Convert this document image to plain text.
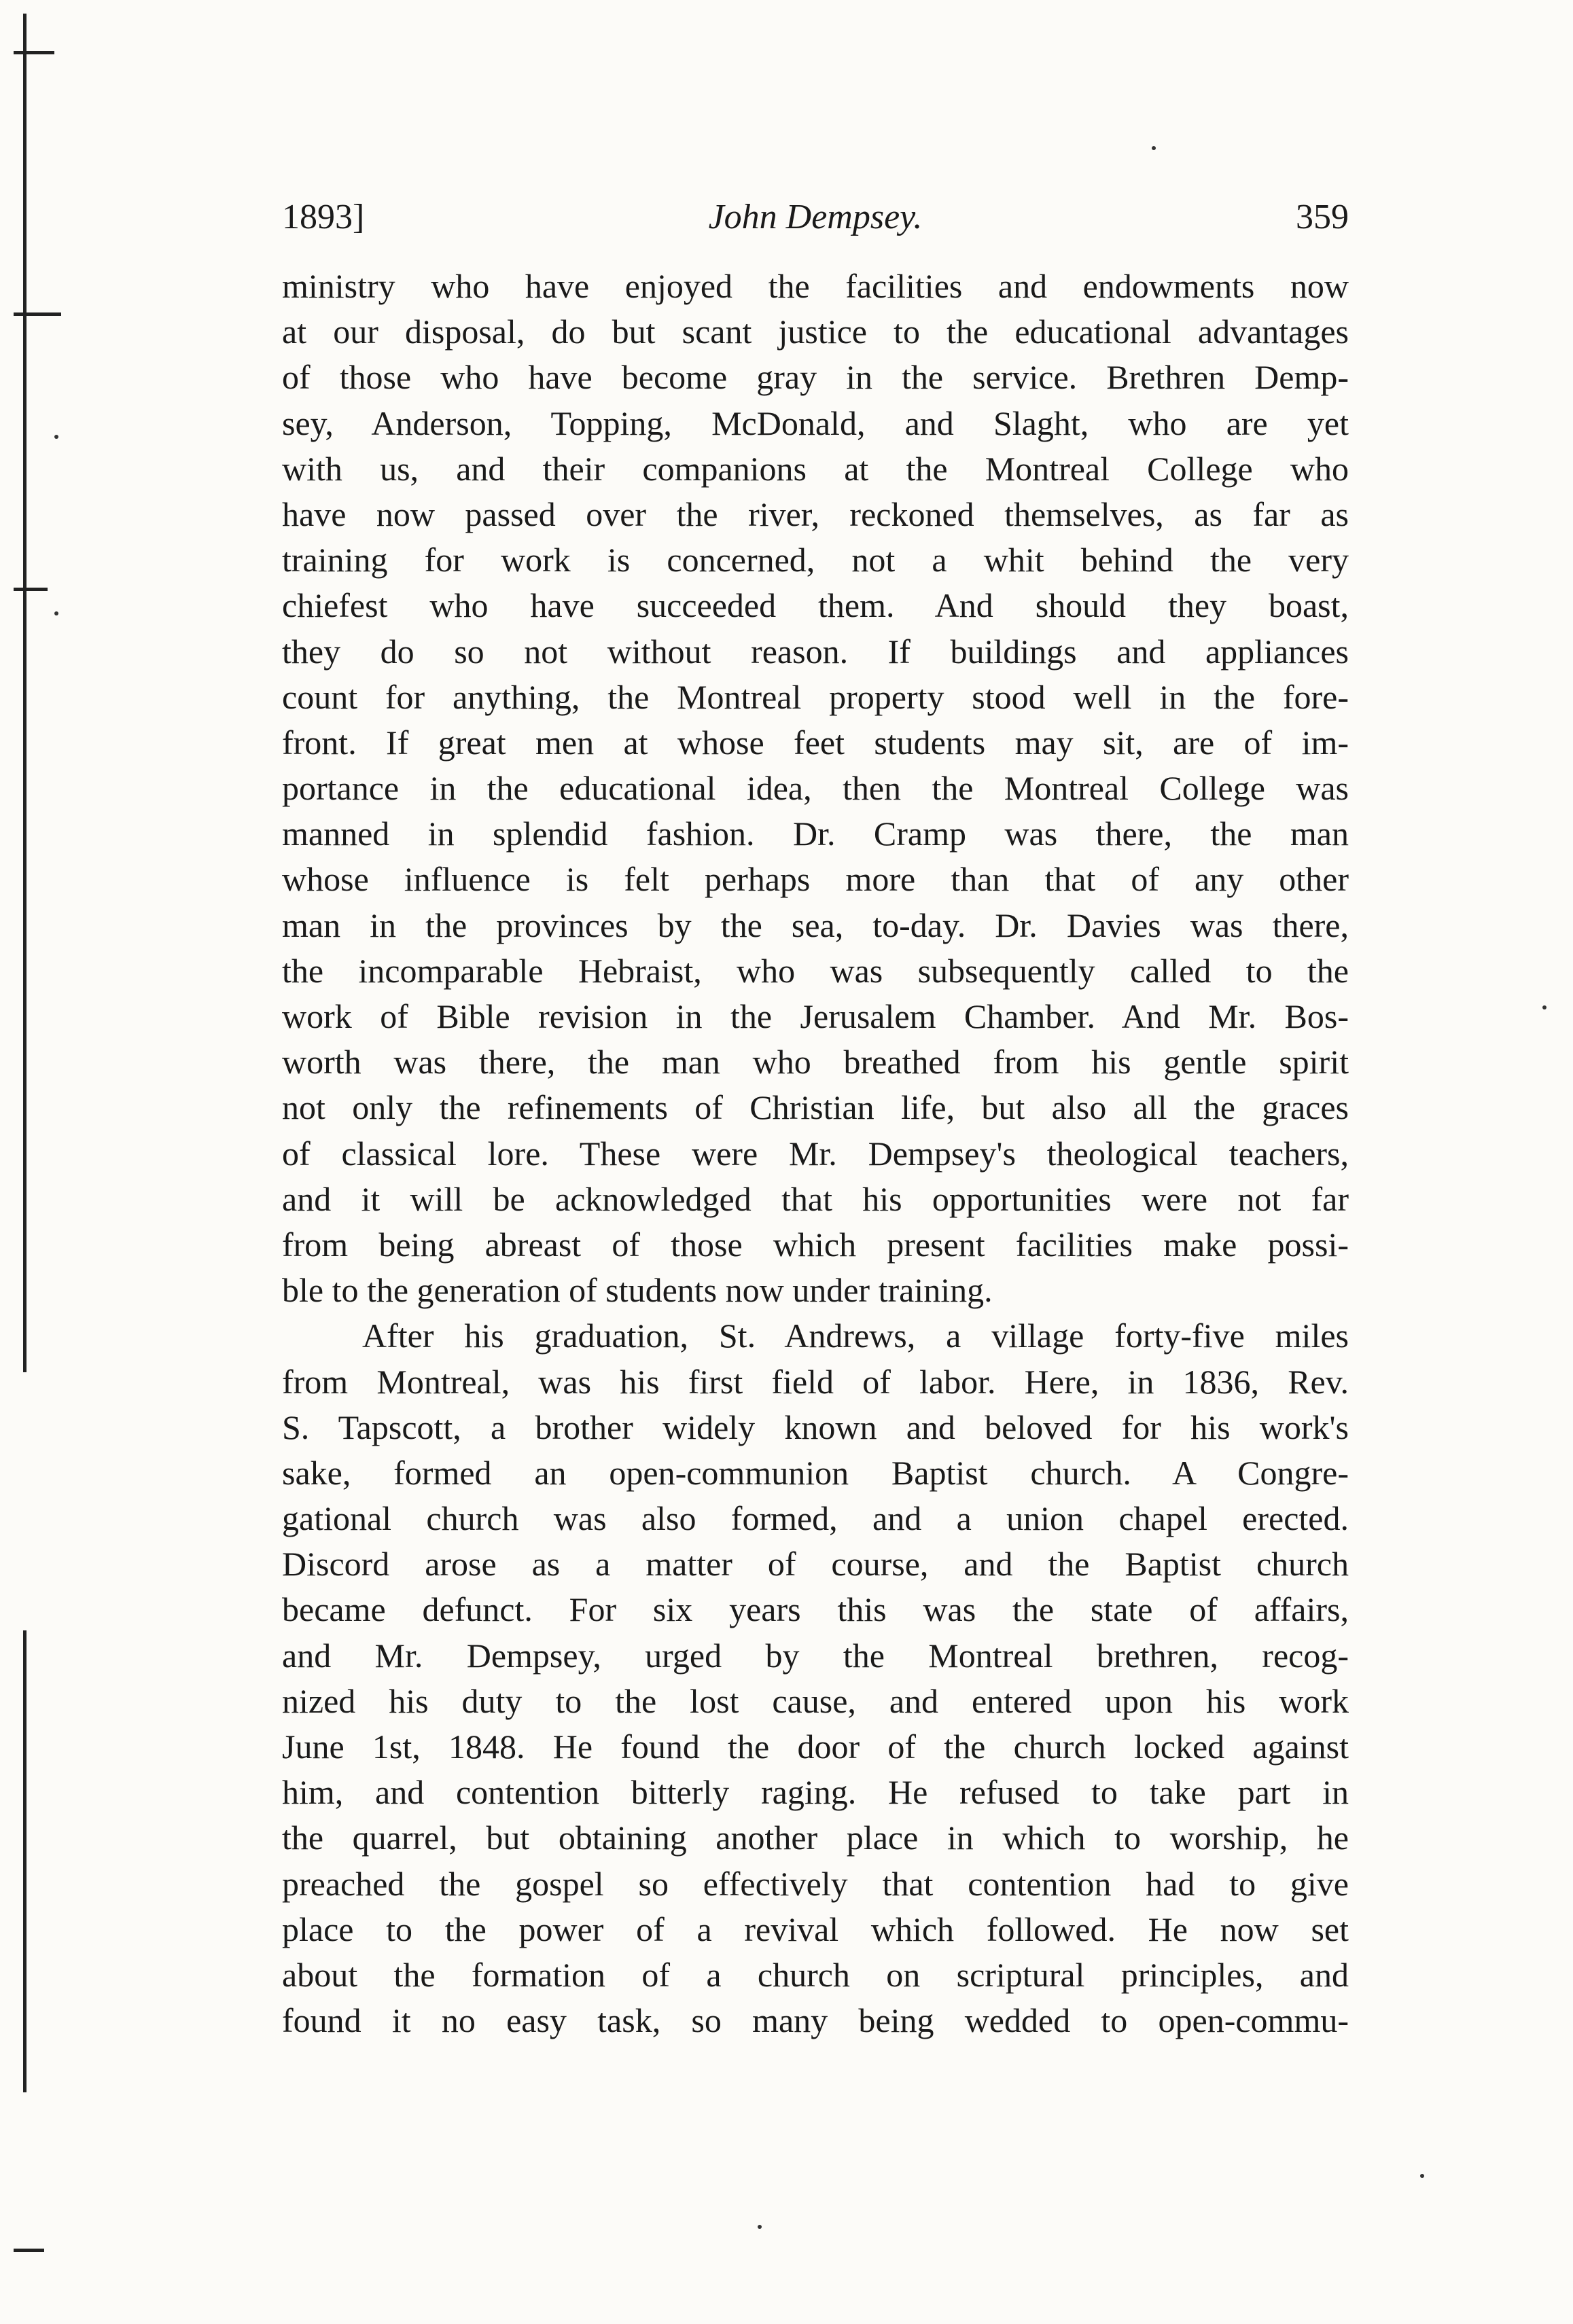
1893]	John Dempsey.	359
ministry who have enjoyed the facilities and endowments now
at our disposal, do but scant justice to the educational advantages
of those who have become gray in the service. Brethren Demp-
sey, Anderson, Topping, McDonald, and Slaght, who are yet
with us, and their companions at the Montreal College who
have now passed over the river, reckoned themselves, as far as
training for work is concerned, not a whit behind the very
chiefest who have succeeded them. And should they boast,
they do so not without reason. If buildings and appliances
count for anything, the Montreal property stood well in the fore-
front. If great men at whose feet students may sit, are of im-
portance in the educational idea, then the Montreal College was
manned in splendid fashion. Dr. Cramp was there, the man
whose influence is felt perhaps more than that of any other
man in the provinces by the sea, to-day. Dr. Davies was there,
the incomparable Hebraist, who was subsequently called to the
work of Bible revision in the Jerusalem Chamber. And Mr. Bos-
worth was there, the man who breathed from his gentle spirit
not only the refinements of Christian life, but also all the graces
of classical lore. These were Mr. Dempsey's theological teachers,
and it will be acknowledged that his opportunities were not far
from being abreast of those which present facilities make possi-
ble to the generation of students now under training.
After his graduation, St. Andrews, a village forty-five miles
from Montreal, was his first field of labor. Here, in 1836, Rev.
S. Tapscott, a brother widely known and beloved for his work's
sake, formed an open-communion Baptist church. A Congre-
gational church was also formed, and a union chapel erected.
Discord arose as a matter of course, and the Baptist church
became defunct. For six years this was the state of affairs,
and Mr. Dempsey, urged by the Montreal brethren, recog-
nized his duty to the lost cause, and entered upon his work
June 1st, 1848. He found the door of the church locked against
him, and contention bitterly raging. He refused to take part in
the quarrel, but obtaining another place in which to worship, he
preached the gospel so effectively that contention had to give
place to the power of a revival which followed. He now set
about the formation of a church on scriptural principles, and
found it no easy task, so many being wedded to open-commu-
